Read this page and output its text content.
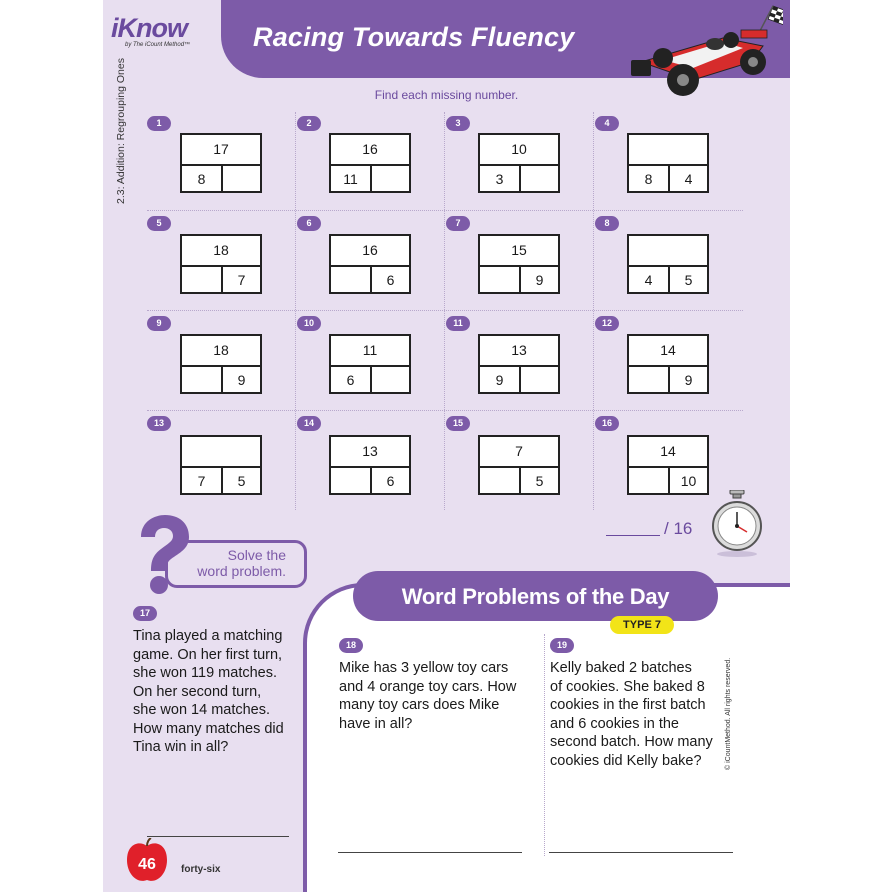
iKnow
by The iCount Method™	Racing Towards Fluency
2.3: Addition: Regrouping Ones	Find each missing number.
1
17
8
2
16
11
3
10
3
4
8	4
5
18
7
6
16
6
7
15
9
8
4	5
9
18
9
10
11
6
11
13
9
12
14
9
13
7	5
14
13
6
15
7
5
16
14
10
/ 16
Solve the
word problem.
17
Tina played a matching
game. On her first turn,
she won 119 matches.
On her second turn,
she won 14 matches.
How many matches did
Tina win in all?
Word Problems of the Day
TYPE 7
18
Mike has 3 yellow toy cars
and 4 orange toy cars. How
many toy cars does Mike
have in all?
19
Kelly baked 2 batches
of cookies. She baked 8
cookies in the first batch
and 6 cookies in the
second batch. How many
cookies did Kelly bake?	© iCountMethod. All rights reserved.
46	forty-six
